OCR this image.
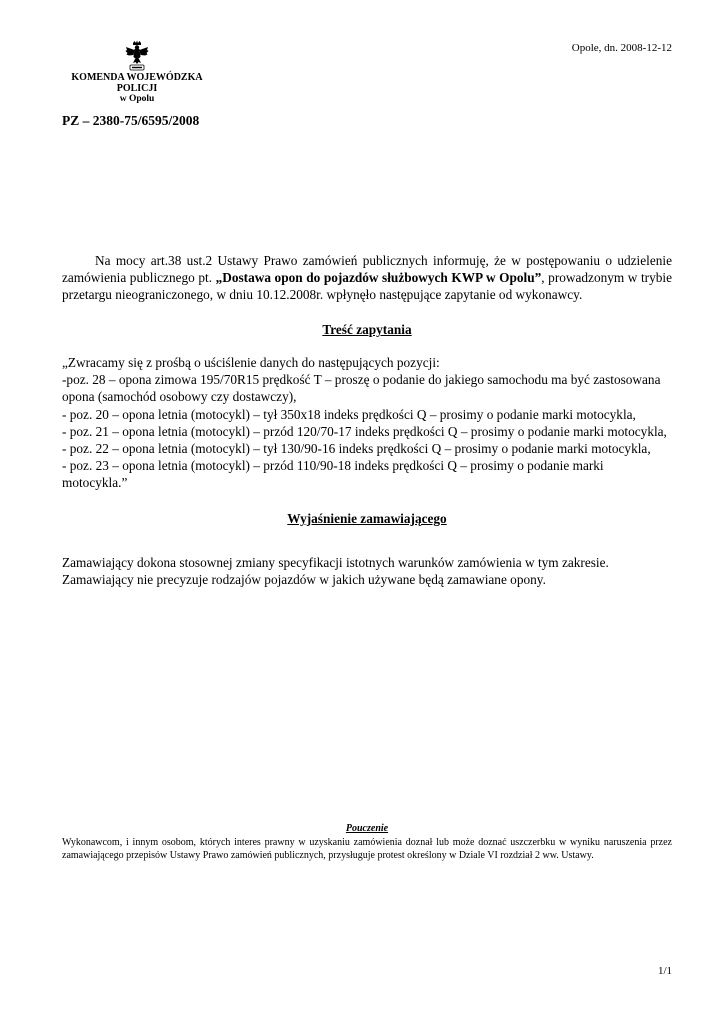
Opole, dn. 2008-12-12
KOMENDA WOJEWÓDZKA
POLICJI
w Opolu
PZ – 2380-75/6595/2008
Na mocy art.38 ust.2 Ustawy Prawo zamówień publicznych informuję, że w postępowaniu o udzielenie zamówienia publicznego pt. „Dostawa opon do pojazdów służbowych KWP w Opolu”, prowadzonym w trybie przetargu nieograniczonego, w dniu 10.12.2008r. wpłynęło następujące zapytanie od wykonawcy.
Treść zapytania

„Zwracamy się z prośbą o uściślenie danych do następujących pozycji:

-poz. 28 – opona zimowa 195/70R15 prędkość T – proszę o podanie do jakiego samochodu ma być zastosowana opona (samochód osobowy czy dostawczy),

- poz. 20 – opona letnia (motocykl) – tył 350x18 indeks prędkości Q – prosimy o podanie marki motocykla,

- poz. 21 – opona letnia (motocykl) – przód 120/70-17 indeks prędkości Q – prosimy o podanie marki motocykla,

- poz. 22 – opona letnia (motocykl) – tył 130/90-16 indeks prędkości Q – prosimy o podanie marki motocykla,

- poz. 23 – opona letnia (motocykl) – przód 110/90-18 indeks prędkości Q – prosimy o podanie marki motocykla.”

Wyjaśnienie zamawiającego

Zamawiający dokona stosownej zmiany specyfikacji istotnych warunków zamówienia w tym zakresie.

Zamawiający nie precyzuje rodzajów pojazdów w jakich używane będą zamawiane opony.

Pouczenie
Wykonawcom, i innym osobom, których interes prawny w uzyskaniu zamówienia doznał lub może doznać uszczerbku w wyniku naruszenia przez zamawiającego przepisów Ustawy Prawo zamówień publicznych, przysługuje protest określony w Dziale VI rozdział 2 ww. Ustawy.
1/1
